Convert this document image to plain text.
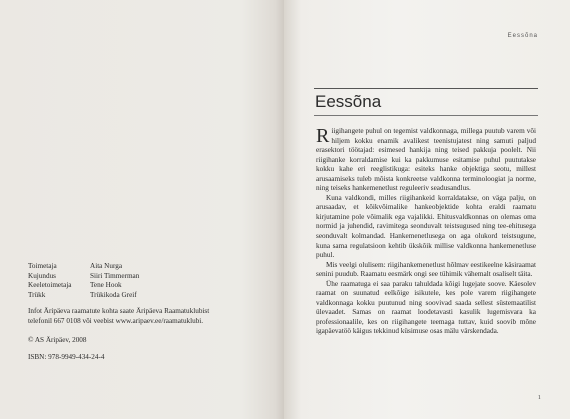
Toimetaja	Aita Nurga
Kujundus	Siiri Timmerman
Keeletoimetaja	Tene Hook
Trükk	Trükikoda Greif

Infot Äripäeva raamatute kohta saate Äripäeva Raamatuklubist

telefonil 667 0108 või veebist www.aripaev.ee/raamatuklubi.

© AS Äripäev, 2008

ISBN: 978-9949-434-24-4

Eessõna
Eessõna

Riigihangete puhul on tegemist valdkonnaga, millega puutub varem või hiljem kokku enamik avalikest teenistujatest ning samuti paljud erasektori töötajad: esimesed hankija ning teised pakkuja poolelt. Nii riigihanke korraldamise kui ka pakkumuse esitamise puhul puututakse kokku kahe eri reeglistikuga: esiteks hanke objektiga seotu, millest arusaamiseks tuleb mõista konkreetse valdkonna terminoloogiat ja norme, ning teiseks hankemenetlust reguleeriv seadusandlus.

Kuna valdkondi, milles riigihankeid korraldatakse, on väga palju, on arusaadav, et kõikvõimalike hankeobjektide kohta eraldi raamatu kirjutamine pole võimalik ega vajalikki. Ehitusvaldkonnas on olemas oma normid ja juhendid, ravimitega seonduvalt teistsugused ning tee-ehitusega seonduvalt kolmandad. Hankemenetlusega on aga olukord teistsugune, kuna sama regulatsioon kehtib ükskõik millise valdkonna hankemenetluse puhul.

Mis veelgi olulisem: riigihankemenetlust hõlmav eestikeelne käsiraamat senini puudub. Raamatu eesmärk ongi see tühimik vähemalt osaliselt täita.

Ühe raamatuga ei saa paraku tahuldada kõigi lugejate soove. Käesolev raamat on suunatud eelkõige isikutele, kes pole varem riigihangete valdkonnaga kokku puutunud ning soovivad saada sellest süstemaatilist ülevaadet. Samas on raamat loodetavasti kasulik lugemisvara ka professionaalile, kes on riigihangete teemaga tuttav, kuid soovib mõne igapäevatöö käigus tekkinud küsimuse osas mälu värskendada.

1
